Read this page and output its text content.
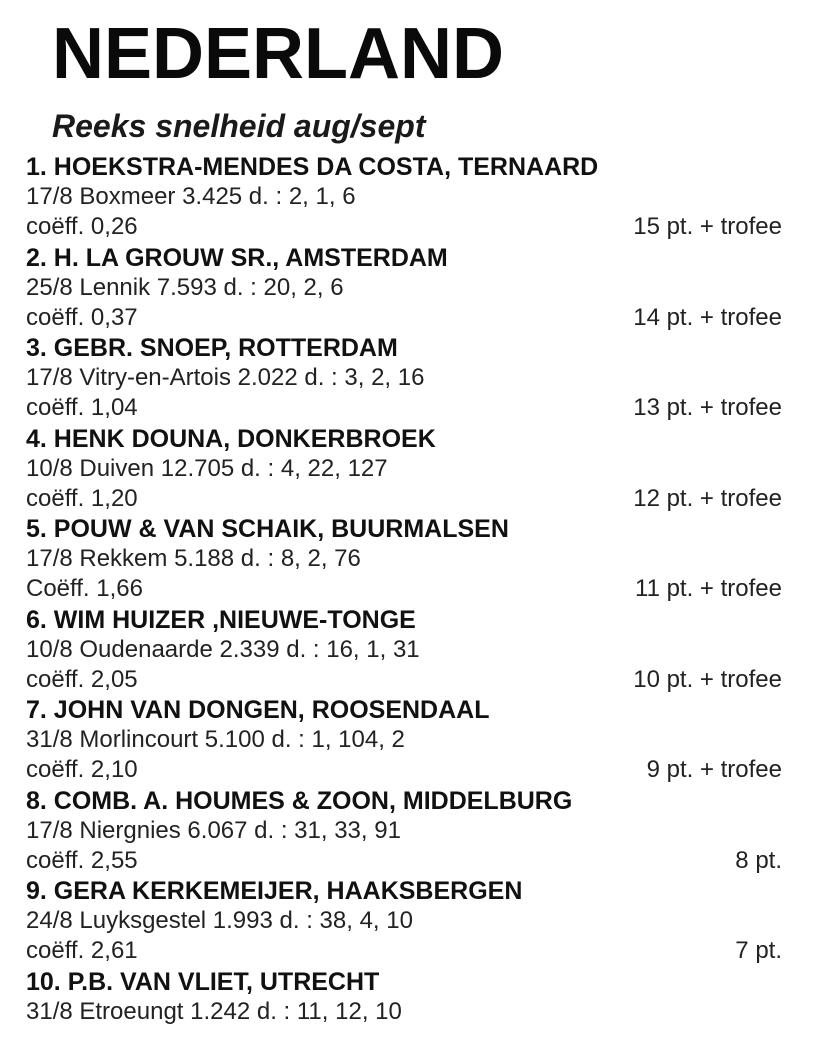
NEDERLAND
Reeks snelheid aug/sept
1. HOEKSTRA-MENDES DA COSTA, TERNAARD
17/8 Boxmeer 3.425 d. : 2, 1, 6
coëff. 0,26	15 pt. + trofee
2. H. LA GROUW SR., AMSTERDAM
25/8 Lennik 7.593 d. : 20, 2, 6
coëff. 0,37	14 pt. + trofee
3. GEBR. SNOEP, ROTTERDAM
17/8 Vitry-en-Artois 2.022 d. : 3, 2, 16
coëff. 1,04	13 pt. + trofee
4. HENK DOUNA, DONKERBROEK
10/8 Duiven 12.705 d. : 4, 22, 127
coëff. 1,20	12 pt. + trofee
5. POUW & VAN SCHAIK, BUURMALSEN
17/8 Rekkem 5.188 d. : 8, 2, 76
Coëff. 1,66	11 pt. + trofee
6. WIM HUIZER ,NIEUWE-TONGE
10/8 Oudenaarde 2.339 d. : 16, 1, 31
coëff. 2,05	10 pt. + trofee
7. JOHN VAN DONGEN, ROOSENDAAL
31/8 Morlincourt 5.100 d. : 1, 104, 2
coëff. 2,10	9 pt. + trofee
8. COMB. A. HOUMES & ZOON, MIDDELBURG
17/8 Niergnies 6.067 d. : 31, 33, 91
coëff. 2,55	8 pt.
9. GERA KERKEMEIJER, HAAKSBERGEN
24/8 Luyksgestel 1.993 d. : 38, 4, 10
coëff. 2,61	7 pt.
10. P.B. VAN VLIET, UTRECHT
31/8 Etroeungt 1.242 d. : 11, 12, 10
